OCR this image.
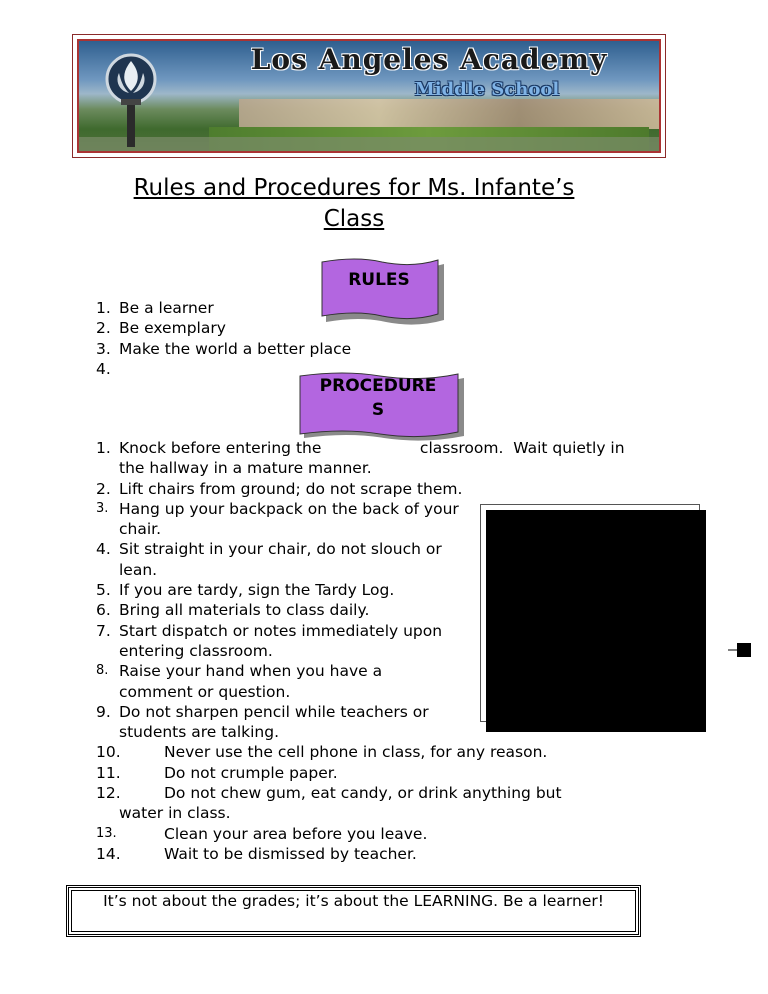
Los Angeles Academy
Middle School
Rules and Procedures for Ms. Infante’s
Class
RULES
1. Be a learner
2. Be exemplary
3. Make the world a better place
4.

PROCEDURE
S
1. Knock before entering the                    classroom.  Wait quietly in the hallway in a mature manner.
2. Lift chairs from ground; do not scrape them.
3. Hang up your backpack on the back of your chair.
4. Sit straight in your chair, do not slouch or lean.
5. If you are tardy, sign the Tardy Log.
6. Bring all materials to class daily.
7. Start dispatch or notes immediately upon entering classroom.
8. Raise your hand when you have a comment or question.
9. Do not sharpen pencil while teachers or students are talking.
10.	Never use the cell phone in class, for any reason.
11.	Do not crumple paper.
12.	Do not chew gum, eat candy, or drink anything but
water in class.
13.	Clean your area before you leave.
14.	Wait to be dismissed by teacher.
It’s not about the grades; it’s about the LEARNING. Be a learner!
